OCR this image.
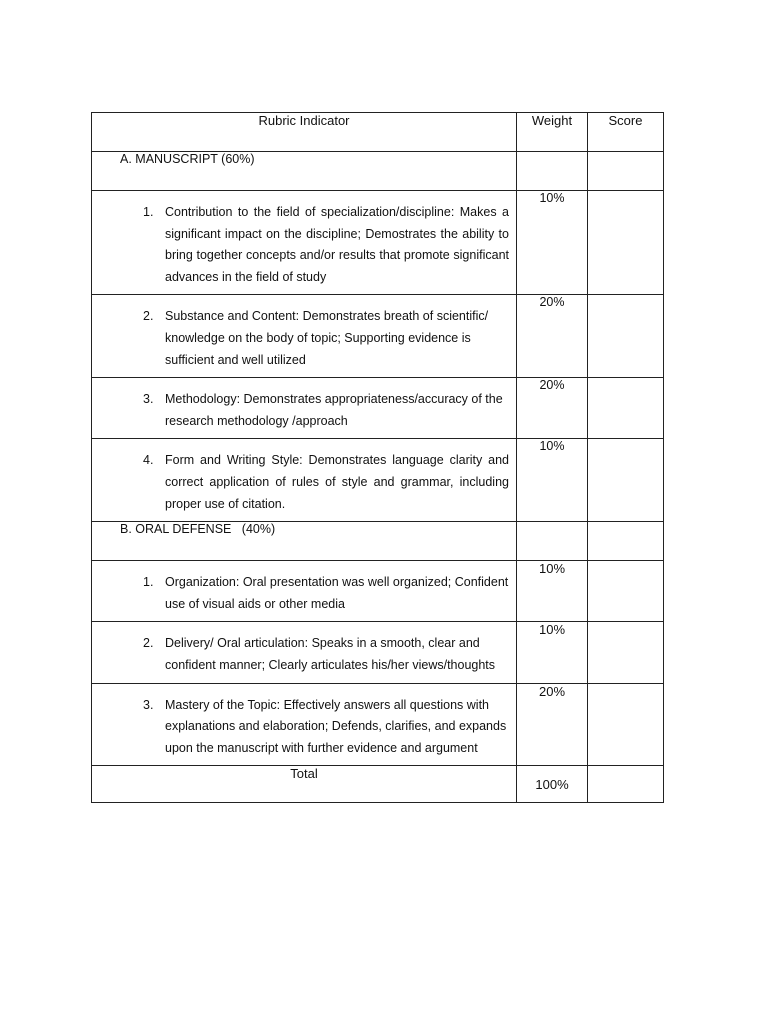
Rubric Indicator	Weight	Score
A. MANUSCRIPT (60%)		

1. Contribution to the field of specialization/discipline: Makes a significant impact on the discipline; Demostrates the ability to bring together concepts and/or results that promote significant advances in the field of study	10%	

2. Substance and Content: Demonstrates breath of scientific/ knowledge on the body of topic; Supporting evidence is sufficient and well utilized	20%	

3. Methodology: Demonstrates appropriateness/accuracy of the research methodology /approach	20%	

4. Form and Writing Style: Demonstrates language clarity and correct application of rules of style and grammar, including proper use of citation.	10%	
B. ORAL DEFENSE   (40%)		

1. Organization: Oral presentation was well organized; Confident use of visual aids or other media	10%	

2. Delivery/ Oral articulation: Speaks in a smooth, clear and confident manner; Clearly articulates his/her views/thoughts	10%	

3. Mastery of the Topic: Effectively answers all questions with explanations and elaboration; Defends, clarifies, and expands upon the manuscript with further evidence and argument	20%	
Total	100%	
